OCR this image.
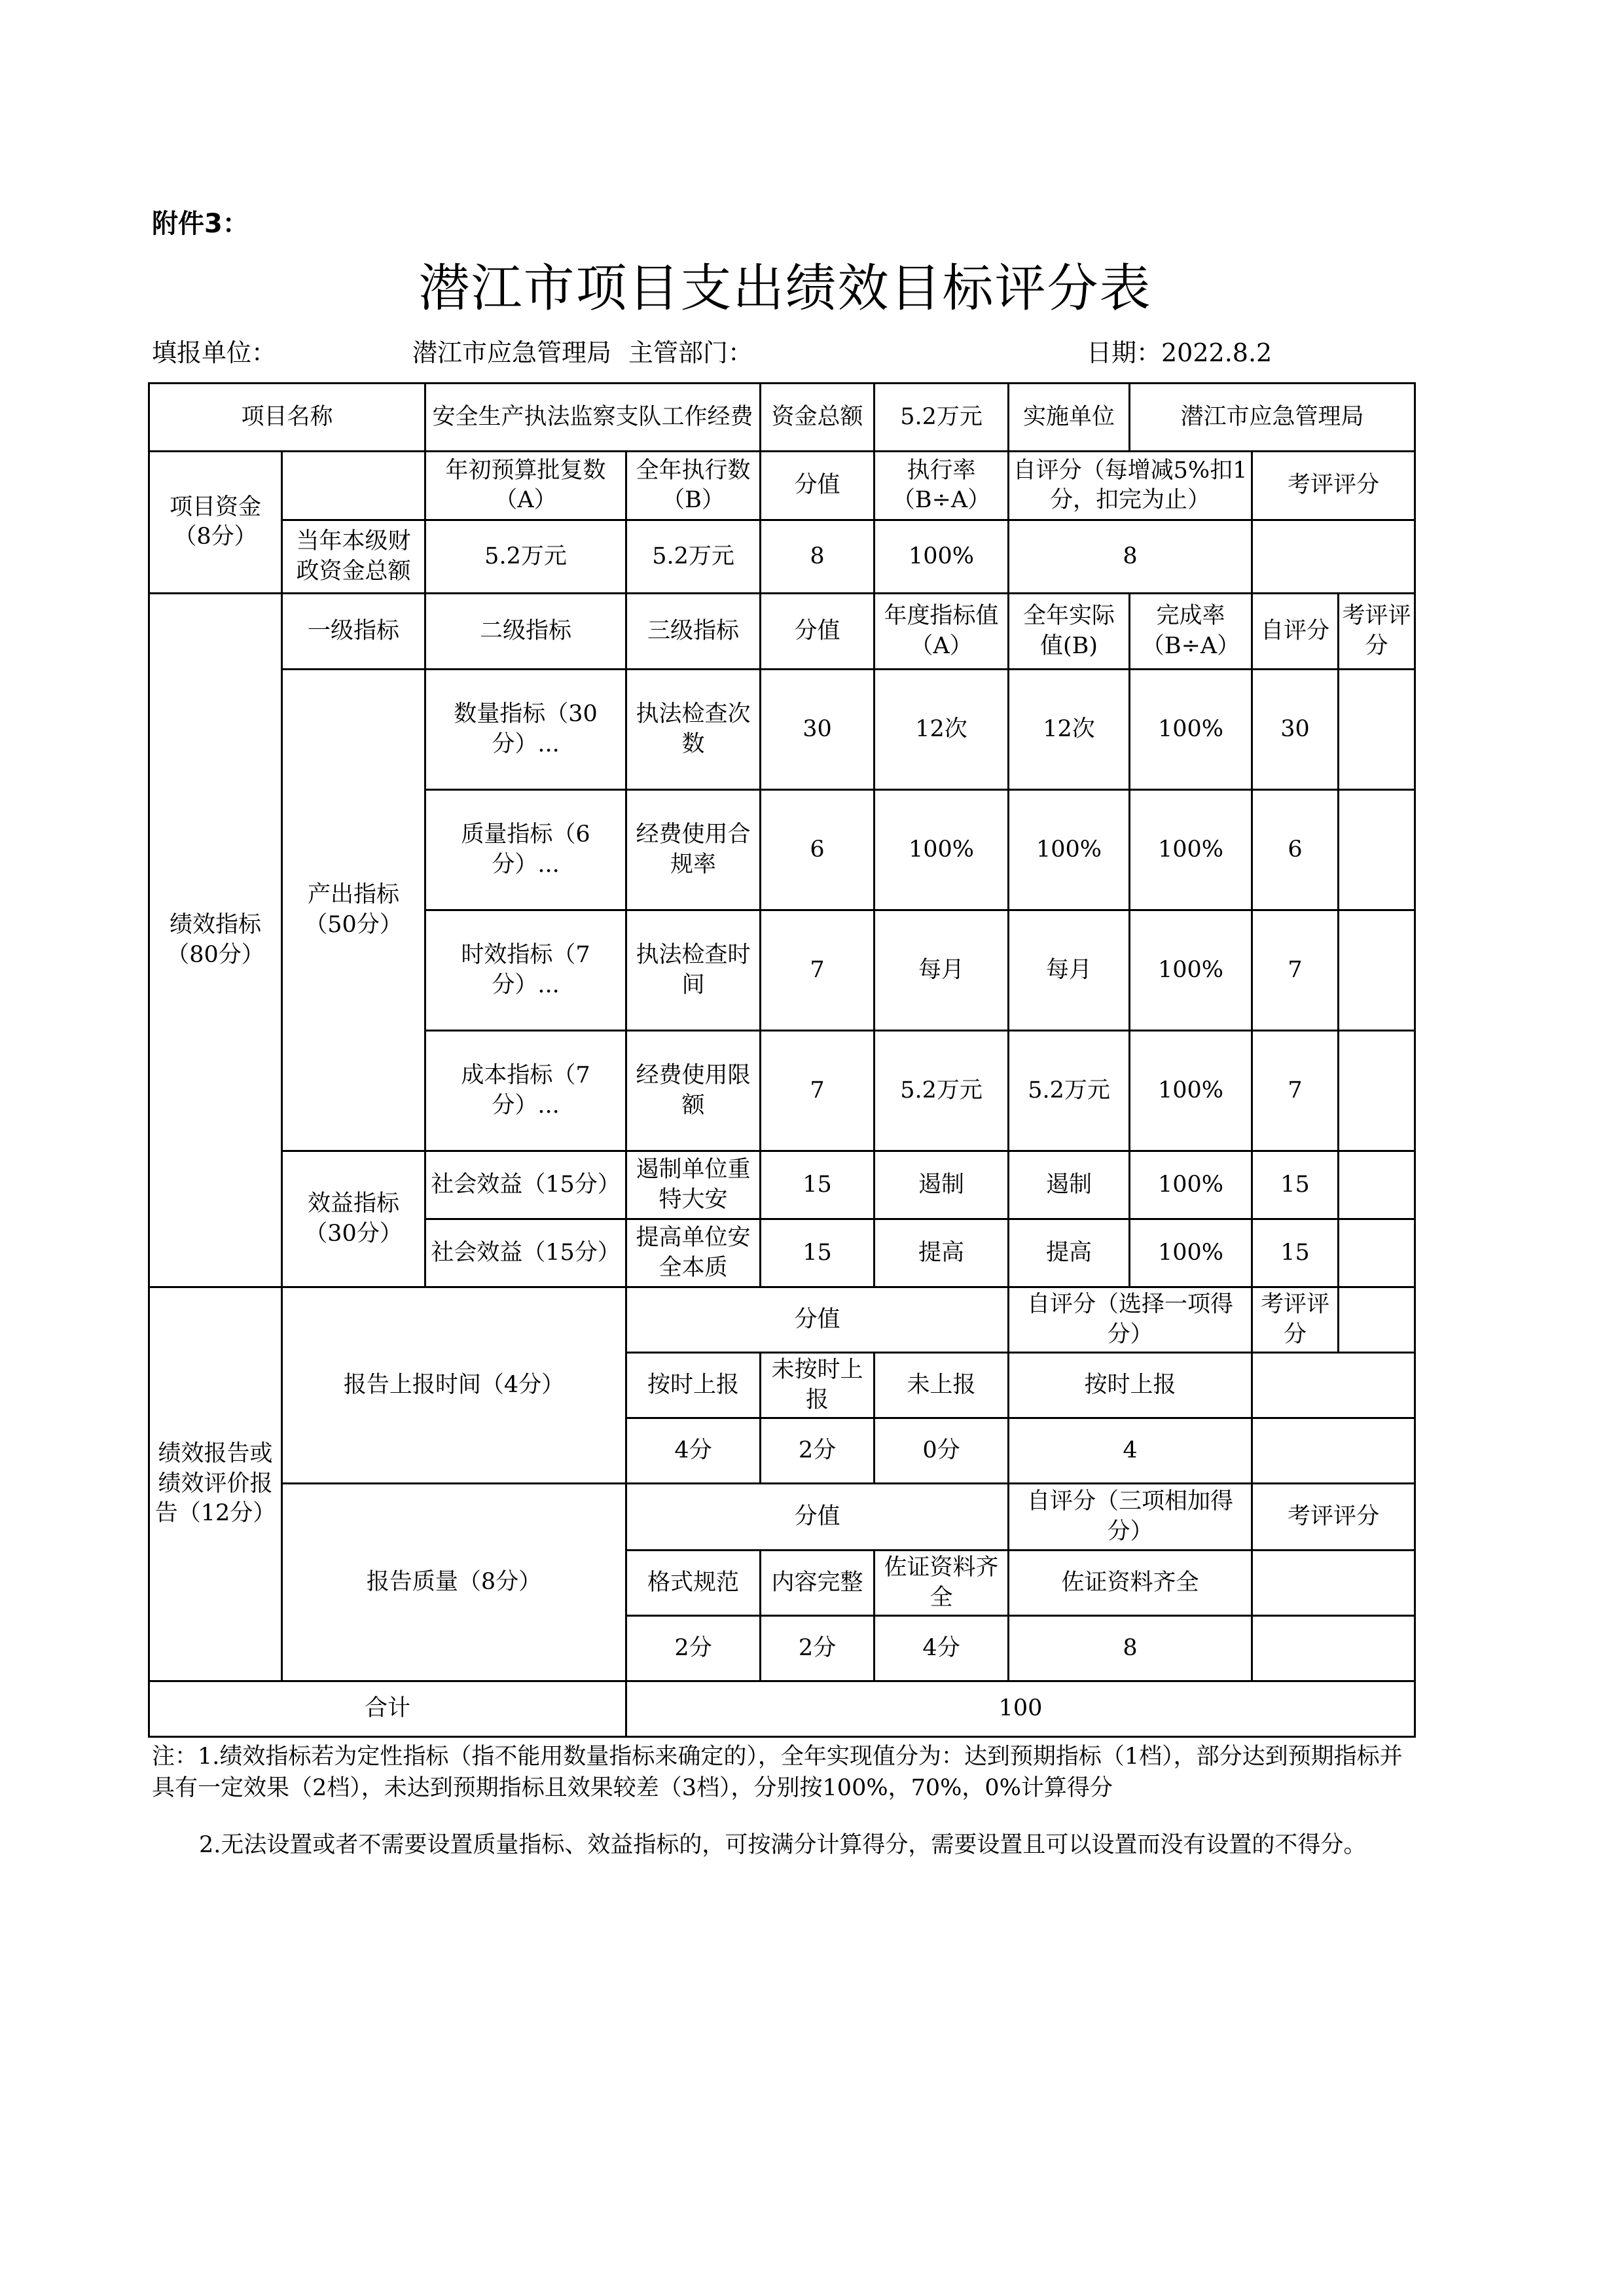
附件3：
潜江市项目支出绩效目标评分表
填报单位：	潜江市应急管理局 主管部门：	日期：2022.8.2
项目名称		安全生产执法监察支队工作经费		资金总额	5.2万元	实施单位	潜江市应急管理局		
项目资金（8分）		年初预算批复数（A）	全年执行数（B）	分值	执行率（B÷A）	自评分（每增减5%扣1分，扣完为止）		考评评分	
	当年本级财政资金总额	5.2万元	5.2万元	8	100%	8			
绩效指标（80分）	一级指标	二级指标	三级指标	分值	年度指标值（A）	全年实际值(B)	完成率（B÷A）	自评分	考评评分
	产出指标（50分）	数量指标（30分）...	执法检查次数	30	12次	12次	100%	30	
		质量指标（6分）...	经费使用合规率	6	100%	100%	100%	6	
		时效指标（7分）...	执法检查时间	7	每月	每月	100%	7	
		成本指标（7分）...	经费使用限额	7	5.2万元	5.2万元	100%	7	
	效益指标（30分）	社会效益（15分）	遏制单位重特大安	15	遏制	遏制	100%	15	
		社会效益（15分）	提高单位安全本质	15	提高	提高	100%	15	
绩效报告或绩效评价报告（12分）	报告上报时间（4分）		分值			自评分（选择一项得分）		考评评分	
			按时上报	未按时上报	未上报	按时上报			
			4分	2分	0分	4			
	报告质量（8分）		分值			自评分（三项相加得分）		考评评分	
			格式规范	内容完整	佐证资料齐全	佐证资料齐全			
			2分	2分	4分	8			
合计			100						
注：1.绩效指标若为定性指标（指不能用数量指标来确定的），全年实现值分为：达到预期指标（1档），部分达到预期指标并具有一定效果（2档），未达到预期指标且效果较差（3档），分别按100%，70%，0%计算得分
2.无法设置或者不需要设置质量指标、效益指标的，可按满分计算得分，需要设置且可以设置而没有设置的不得分。
